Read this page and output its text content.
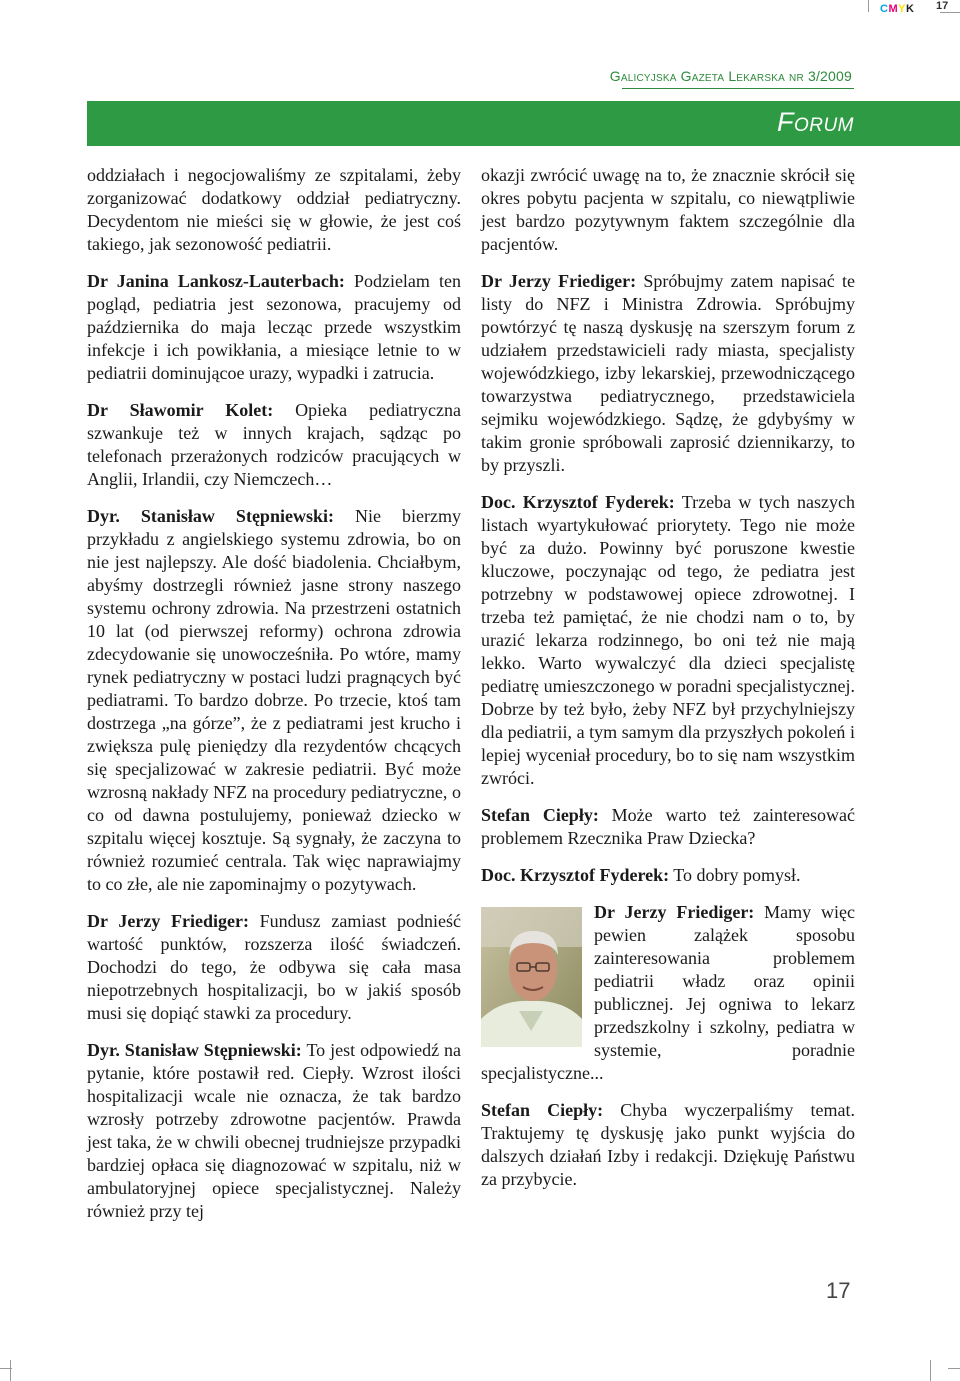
CMYK 17
Galicyjska Gazeta Lekarska nr 3/2009
Forum

oddziałach i negocjowaliśmy ze szpitalami, żeby zorganizować dodatkowy oddział pediatryczny. Decydentom nie mieści się w głowie, że jest coś takiego, jak sezonowość pediatrii.

Dr Janina Lankosz-Lauterbach: Podzielam ten pogląd, pediatria jest sezonowa, pracujemy od października do maja lecząc przede wszystkim infekcje i ich powikłania, a miesiące letnie to w pediatrii dominującoe urazy, wypadki i zatrucia.

Dr Sławomir Kolet: Opieka pediatryczna szwankuje też w innych krajach, sądząc po telefonach przerażonych rodziców pracujących w Anglii, Irlandii, czy Niemczech…

Dyr. Stanisław Stępniewski: Nie bierzmy przykładu z angielskiego systemu zdrowia, bo on nie jest najlepszy. Ale dość biadolenia. Chciałbym, abyśmy dostrzegli również jasne strony naszego systemu ochrony zdrowia. Na przestrzeni ostatnich 10 lat (od pierwszej reformy) ochrona zdrowia zdecydowanie się unowocześniła. Po wtóre, mamy rynek pediatryczny w postaci ludzi pragnących być pediatrami. To bardzo dobrze. Po trzecie, ktoś tam dostrzega „na górze”, że z pediatrami jest krucho i zwiększa pulę pieniędzy dla rezydentów chcących się specjalizować w zakresie pediatrii. Być może wzrosną nakłady NFZ na procedury pediatryczne, o co od dawna postulujemy, ponieważ dziecko w szpitalu więcej kosztuje. Są sygnały, że zaczyna to również rozumieć centrala. Tak więc naprawiajmy to co złe, ale nie zapominajmy o pozytywach.

Dr Jerzy Friediger: Fundusz zamiast podnieść wartość punktów, rozszerza ilość świadczeń. Dochodzi do tego, że odbywa się cała masa niepotrzebnych hospitalizacji, bo w jakiś sposób musi się dopiąć stawki za procedury.

Dyr. Stanisław Stępniewski: To jest odpowiedź na pytanie, które postawił red. Ciepły. Wzrost ilości hospitalizacji wcale nie oznacza, że tak bardzo wzrosły potrzeby zdrowotne pacjentów. Prawda jest taka, że w chwili obecnej trudniejsze przypadki bardziej opłaca się diagnozować w szpitalu, niż w ambulatoryjnej opiece specjalistycznej. Należy również przy tej

okazji zwrócić uwagę na to, że znacznie skrócił się okres pobytu pacjenta w szpitalu, co niewątpliwie jest bardzo pozytywnym faktem szczególnie dla pacjentów.

Dr Jerzy Friediger: Spróbujmy zatem napisać te listy do NFZ i Ministra Zdrowia. Spróbujmy powtórzyć tę naszą dyskusję na szerszym forum z udziałem przedstawicieli rady miasta, specjalisty wojewódzkiego, izby lekarskiej, przewodniczącego towarzystwa pediatrycznego, przedstawiciela sejmiku wojewódzkiego. Sądzę, że gdybyśmy w takim gronie spróbowali zaprosić dziennikarzy, to by przyszli.

Doc. Krzysztof Fyderek: Trzeba w tych naszych listach wyartykułować priorytety. Tego nie może być za dużo. Powinny być poruszone kwestie kluczowe, poczynając od tego, że pediatra jest potrzebny w podstawowej opiece zdrowotnej. I trzeba też pamiętać, że nie chodzi nam o to, by urazić lekarza rodzinnego, bo oni też nie mają lekko. Warto wywalczyć dla dzieci specjalistę pediatrę umieszczonego w poradni specjalistycznej. Dobrze by też było, żeby NFZ był przychylniejszy dla pediatrii, a tym samym dla przyszłych pokoleń i lepiej wyceniał procedury, bo to się nam wszystkim zwróci.

Stefan Ciepły: Może warto też zainteresować problemem Rzecznika Praw Dziecka?

Doc. Krzysztof Fyderek: To dobry pomysł.

Dr Jerzy Friediger: Mamy więc pewien zalążek sposobu zainteresowania problemem pediatrii władz oraz opinii publicznej. Jej ogniwa to lekarz przedszkolny i szkolny, pediatra w systemie, poradnie specjalistyczne...

Stefan Ciepły: Chyba wyczerpaliśmy temat. Traktujemy tę dyskusję jako punkt wyjścia do dalszych działań Izby i redakcji. Dziękuję Państwu za przybycie.

17
